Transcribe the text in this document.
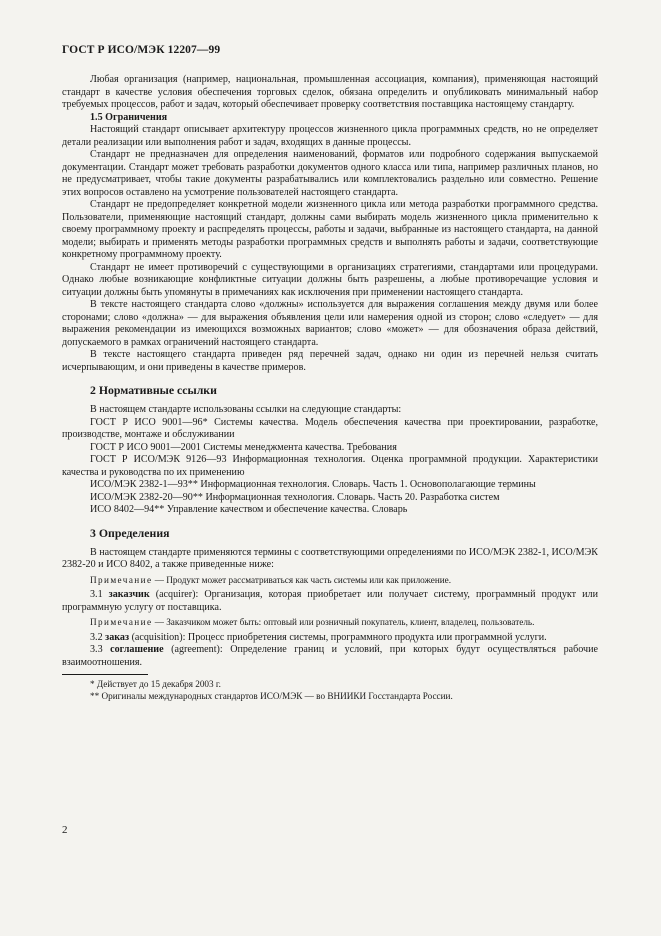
ГОСТ Р ИСО/МЭК 12207—99

Любая организация (например, национальная, промышленная ассоциация, компания), применяющая настоящий стандарт в качестве условия обеспечения торговых сделок, обязана определить и опубликовать минимальный набор требуемых процессов, работ и задач, который обеспечивает проверку соответствия поставщика настоящему стандарту.

1.5 Ограничения

Настоящий стандарт описывает архитектуру процессов жизненного цикла программных средств, но не определяет детали реализации или выполнения работ и задач, входящих в данные процессы.

Стандарт не предназначен для определения наименований, форматов или подробного содержания выпускаемой документации. Стандарт может требовать разработки документов одного класса или типа, например различных планов, но не предусматривает, чтобы такие документы разрабатывались или комплектовались раздельно или совместно. Решение этих вопросов оставлено на усмотрение пользователей настоящего стандарта.

Стандарт не предопределяет конкретной модели жизненного цикла или метода разработки программного средства. Пользователи, применяющие настоящий стандарт, должны сами выбирать модель жизненного цикла применительно к своему программному проекту и распределять процессы, работы и задачи, выбранные из настоящего стандарта, на данной модели; выбирать и применять методы разработки программных средств и выполнять работы и задачи, соответствующие конкретному программному проекту.

Стандарт не имеет противоречий с существующими в организациях стратегиями, стандартами или процедурами. Однако любые возникающие конфликтные ситуации должны быть разрешены, а любые противоречащие условия и ситуации должны быть упомянуты в примечаниях как исключения при применении настоящего стандарта.

В тексте настоящего стандарта слово «должны» используется для выражения соглашения между двумя или более сторонами; слово «должна» — для выражения объявления цели или намерения одной из сторон; слово «следует» — для выражения рекомендации из имеющихся возможных вариантов; слово «может» — для обозначения образа действий, допускаемого в рамках ограничений настоящего стандарта.

В тексте настоящего стандарта приведен ряд перечней задач, однако ни один из перечней нельзя считать исчерпывающим, и они приведены в качестве примеров.

2 Нормативные ссылки

В настоящем стандарте использованы ссылки на следующие стандарты:

ГОСТ Р ИСО 9001—96* Системы качества. Модель обеспечения качества при проектировании, разработке, производстве, монтаже и обслуживании

ГОСТ Р ИСО 9001—2001 Системы менеджмента качества. Требования

ГОСТ Р ИСО/МЭК 9126—93 Информационная технология. Оценка программной продукции. Характеристики качества и руководства по их применению

ИСО/МЭК 2382-1—93** Информационная технология. Словарь. Часть 1. Основополагающие термины

ИСО/МЭК 2382-20—90** Информационная технология. Словарь. Часть 20. Разработка систем

ИСО 8402—94** Управление качеством и обеспечение качества. Словарь

3 Определения

В настоящем стандарте применяются термины с соответствующими определениями по ИСО/МЭК 2382-1, ИСО/МЭК 2382-20 и ИСО 8402, а также приведенные ниже:

Примечание — Продукт может рассматриваться как часть системы или как приложение.

3.1 заказчик (acquirer): Организация, которая приобретает или получает систему, программный продукт или программную услугу от поставщика.

Примечание — Заказчиком может быть: оптовый или розничный покупатель, клиент, владелец, пользователь.

3.2 заказ (acquisition): Процесс приобретения системы, программного продукта или программной услуги.

3.3 соглашение (agreement): Определение границ и условий, при которых будут осуществляться рабочие взаимоотношения.

* Действует до 15 декабря 2003 г.

** Оригиналы международных стандартов ИСО/МЭК — во ВНИИКИ Госстандарта России.

2
